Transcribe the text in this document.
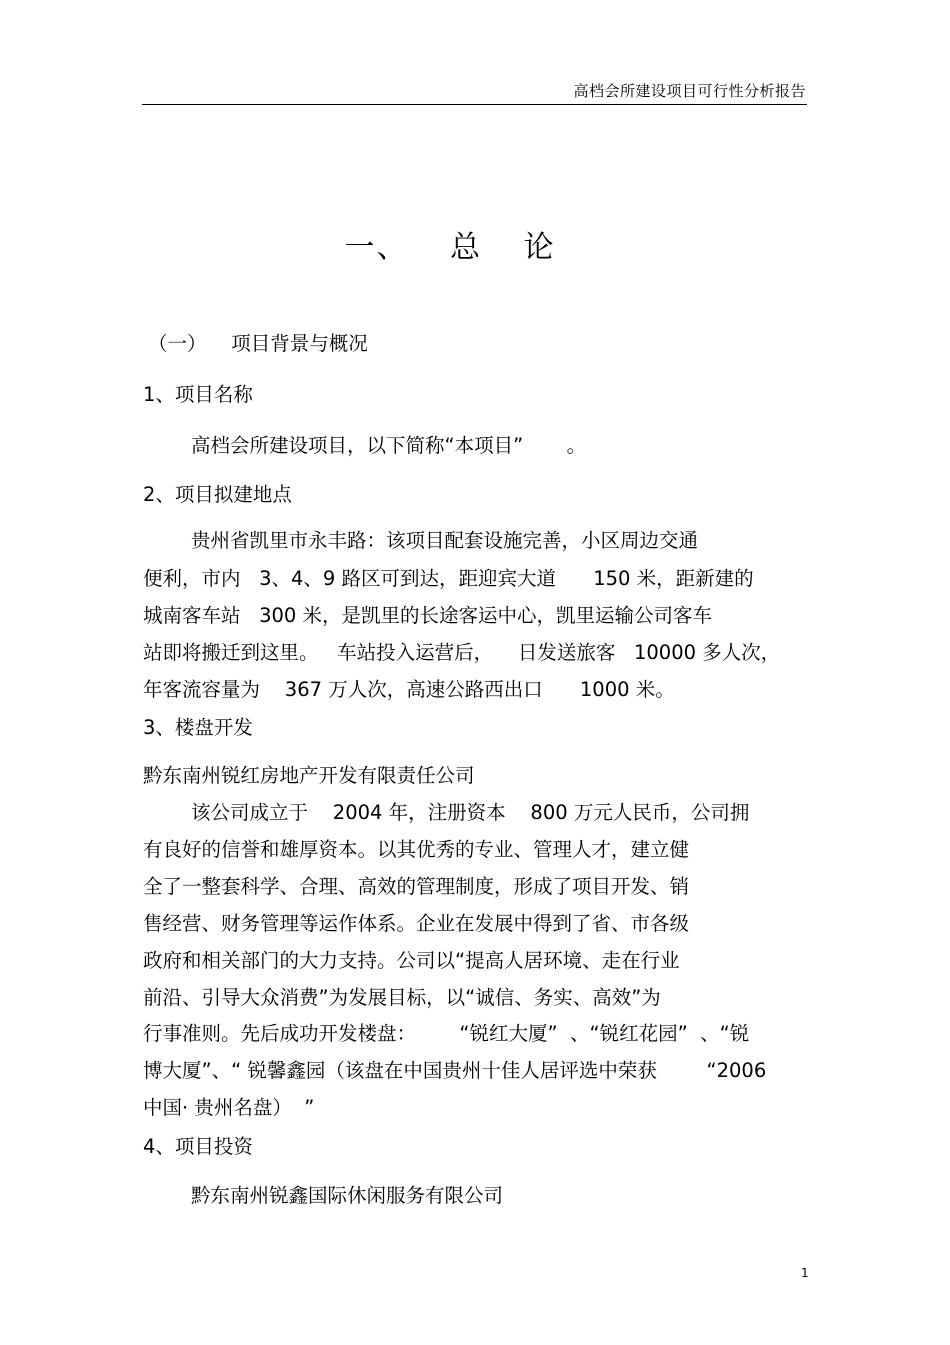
高档会所建设项目可行性分析报告
一、 总 论
（一）    项目背景与概况
1、项目名称
高档会所建设项目，以下简称“本项目”       。
2、项目拟建地点
贵州省凯里市永丰路：该项目配套设施完善，小区周边交通
便利，市内   3、4、9 路区可到达，距迎宾大道      150 米，距新建的
城南客车站   300 米，是凯里的长途客运中心，凯里运输公司客车
站即将搬迁到这里。   车站投入运营后，    日发送旅客   10000 多人次，
年客流容量为    367 万人次，高速公路西出口      1000 米。
3、楼盘开发
黔东南州锐红房地产开发有限责任公司
该公司成立于    2004 年，注册资本    800 万元人民币，公司拥
有良好的信誉和雄厚资本。以其优秀的专业、管理人才，建立健
全了一整套科学、合理、高效的管理制度，形成了项目开发、销
售经营、财务管理等运作体系。企业在发展中得到了省、市各级
政府和相关部门的大力支持。公司以“提高人居环境、走在行业
前沿、引导大众消费”为发展目标，以“诚信、务实、高效”为
行事准则。先后成功开发楼盘：       “锐红大厦”  、“锐红花园”  、“锐
博大厦”、“ 锐馨鑫园（该盘在中国贵州十佳人居评选中荣获        “2006
中国· 贵州名盘）  ”
4、项目投资
黔东南州锐鑫国际休闲服务有限公司
1
